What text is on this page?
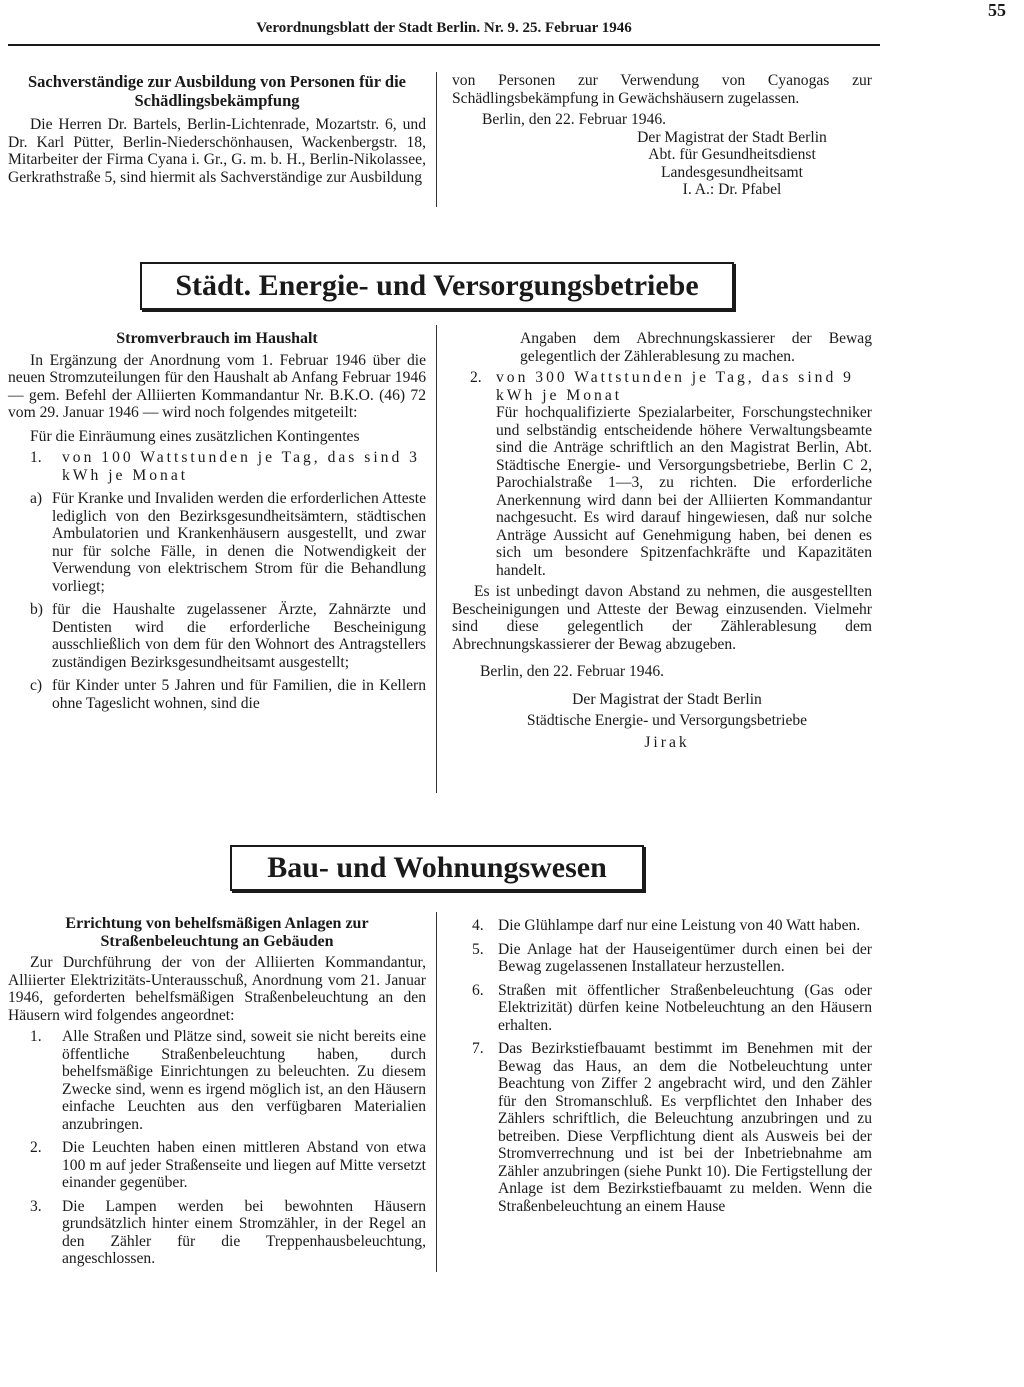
Verordnungsblatt der Stadt Berlin. Nr. 9. 25. Februar 1946
55

Sachverständige zur Ausbildung von Personen für die Schädlingsbekämpfung

Die Herren Dr. Bartels, Berlin-Lichtenrade, Mozartstr. 6, und Dr. Karl Pütter, Berlin-Niederschönhausen, Wackenbergstr. 18, Mitarbeiter der Firma Cyana i. Gr., G. m. b. H., Berlin-Nikolassee, Gerkrathstraße 5, sind hiermit als Sachverständige zur Ausbildung

von Personen zur Verwendung von Cyanogas zur Schädlingsbekämpfung in Gewächshäusern zugelassen.

Berlin, den 22. Februar 1946.

Der Magistrat der Stadt Berlin

Abt. für Gesundheitsdienst

Landesgesundheitsamt

I. A.: Dr. Pfabel

Städt. Energie- und Versorgungsbetriebe

Stromverbrauch im Haushalt

In Ergänzung der Anordnung vom 1. Februar 1946 über die neuen Stromzuteilungen für den Haushalt ab Anfang Februar 1946 — gem. Befehl der Alliierten Kommandantur Nr. B.K.O. (46) 72 vom 29. Januar 1946 — wird noch folgendes mitgeteilt:

Für die Einräumung eines zusätzlichen Kontingentes

1.	von 100 Wattstunden je Tag, das sind 3 kWh je Monat

a) Für Kranke und Invaliden werden die erforderlichen Atteste lediglich von den Bezirksgesundheitsämtern, städtischen Ambulatorien und Krankenhäusern ausgestellt, und zwar nur für solche Fälle, in denen die Notwendigkeit der Verwendung von elektrischem Strom für die Behandlung vorliegt;

b) für die Haushalte zugelassener Ärzte, Zahnärzte und Dentisten wird die erforderliche Bescheinigung ausschließlich von dem für den Wohnort des Antragstellers zuständigen Bezirksgesundheitsamt ausgestellt;

c) für Kinder unter 5 Jahren und für Familien, die in Kellern ohne Tageslicht wohnen, sind die

Angaben dem Abrechnungskassierer der Bewag gelegentlich der Zählerablesung zu machen.

2. von 300 Wattstunden je Tag, das sind 9 kWh je Monat

Für hochqualifizierte Spezialarbeiter, Forschungstechniker und selbständig entscheidende höhere Verwaltungsbeamte sind die Anträge schriftlich an den Magistrat Berlin, Abt. Städtische Energie- und Versorgungsbetriebe, Berlin C 2, Parochialstraße 1—3, zu richten. Die erforderliche Anerkennung wird dann bei der Alliierten Kommandantur nachgesucht. Es wird darauf hingewiesen, daß nur solche Anträge Aussicht auf Genehmigung haben, bei denen es sich um besondere Spitzenfachkräfte und Kapazitäten handelt.

Es ist unbedingt davon Abstand zu nehmen, die ausgestellten Bescheinigungen und Atteste der Bewag einzusenden. Vielmehr sind diese gelegentlich der Zählerablesung dem Abrechnungskassierer der Bewag abzugeben.

Berlin, den 22. Februar 1946.

Der Magistrat der Stadt Berlin

Städtische Energie- und Versorgungsbetriebe

Jirak

Bau- und Wohnungswesen

Errichtung von behelfsmäßigen Anlagen zur Straßenbeleuchtung an Gebäuden

Zur Durchführung der von der Alliierten Kommandantur, Alliierter Elektrizitäts-Unterausschuß, Anordnung vom 21. Januar 1946, geforderten behelfsmäßigen Straßenbeleuchtung an den Häusern wird folgendes angeordnet:

1.	Alle Straßen und Plätze sind, soweit sie nicht bereits eine öffentliche Straßenbeleuchtung haben, durch behelfsmäßige Einrichtungen zu beleuchten. Zu diesem Zwecke sind, wenn es irgend möglich ist, an den Häusern einfache Leuchten aus den verfügbaren Materialien anzubringen.

2.	Die Leuchten haben einen mittleren Abstand von etwa 100 m auf jeder Straßenseite und liegen auf Mitte versetzt einander gegenüber.

3.	Die Lampen werden bei bewohnten Häusern grundsätzlich hinter einem Stromzähler, in der Regel an den Zähler für die Treppenhausbeleuchtung, angeschlossen.

4. Die Glühlampe darf nur eine Leistung von 40 Watt haben.

5. Die Anlage hat der Hauseigentümer durch einen bei der Bewag zugelassenen Installateur herzustellen.

6. Straßen mit öffentlicher Straßenbeleuchtung (Gas oder Elektrizität) dürfen keine Notbeleuchtung an den Häusern erhalten.

7. Das Bezirkstiefbauamt bestimmt im Benehmen mit der Bewag das Haus, an dem die Notbeleuchtung unter Beachtung von Ziffer 2 angebracht wird, und den Zähler für den Stromanschluß. Es verpflichtet den Inhaber des Zählers schriftlich, die Beleuchtung anzubringen und zu betreiben. Diese Verpflichtung dient als Ausweis bei der Stromverrechnung und ist bei der Inbetriebnahme am Zähler anzubringen (siehe Punkt 10). Die Fertigstellung der Anlage ist dem Bezirkstiefbauamt zu melden. Wenn die Straßenbeleuchtung an einem Hause
